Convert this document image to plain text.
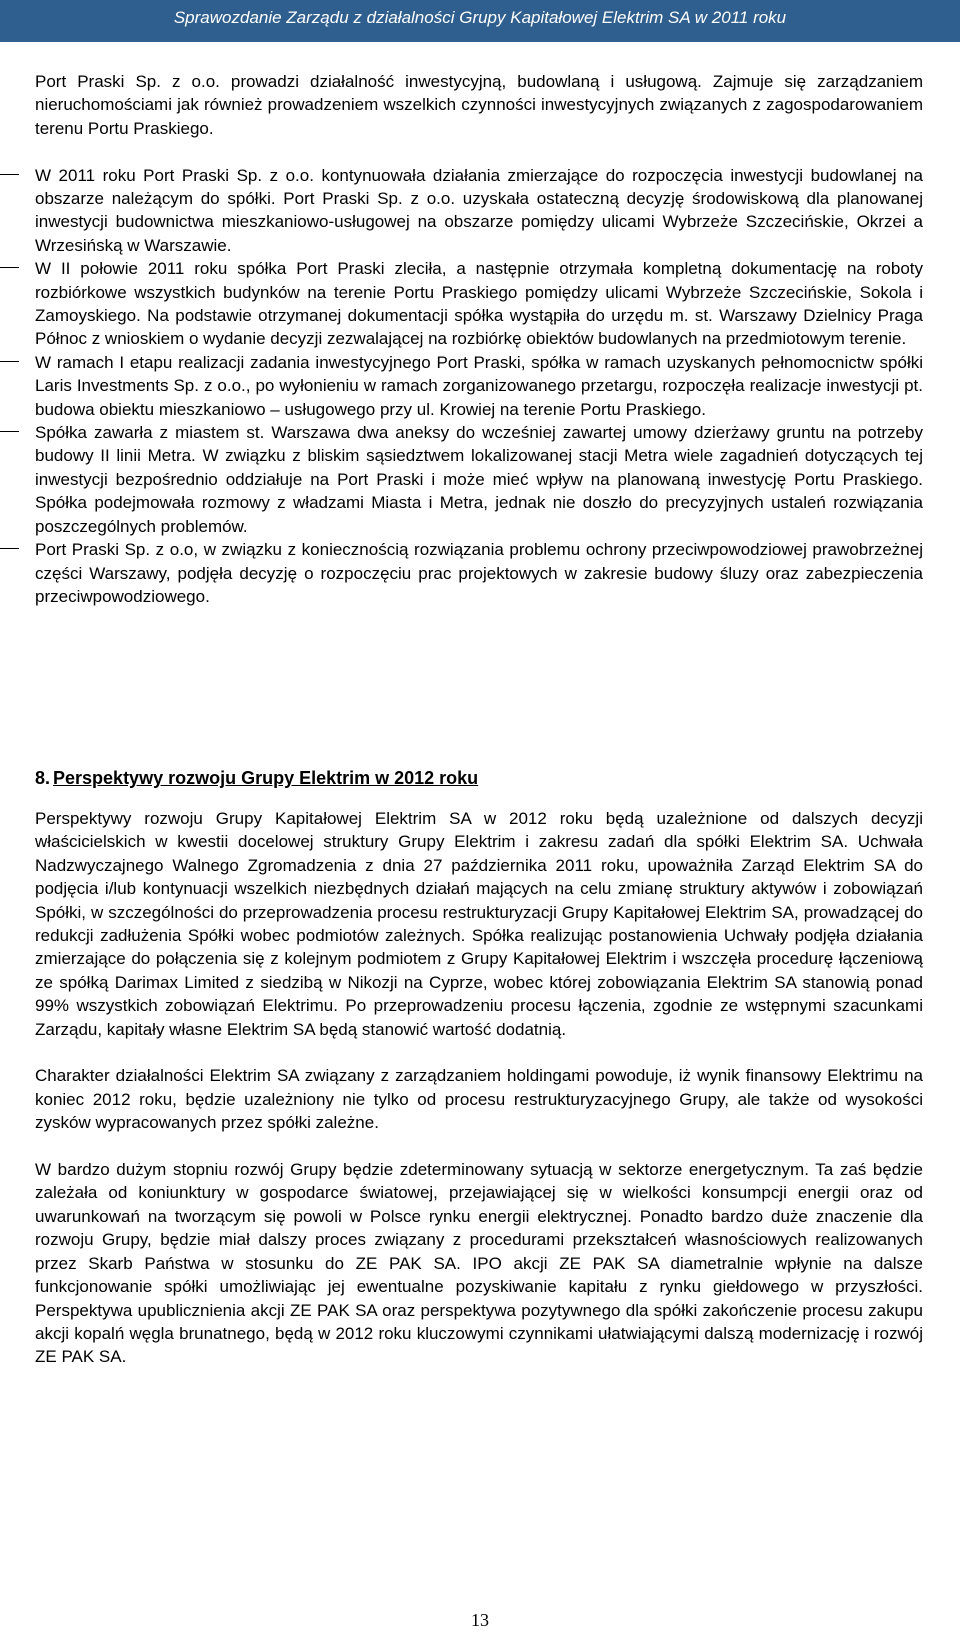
Sprawozdanie Zarządu z działalności Grupy Kapitałowej Elektrim SA w 2011 roku

Port Praski Sp. z o.o. prowadzi działalność inwestycyjną, budowlaną i usługową. Zajmuje się zarządzaniem nieruchomościami jak również prowadzeniem wszelkich czynności inwestycyjnych związanych z zagospodarowaniem terenu Portu Praskiego.

W 2011 roku Port Praski Sp. z o.o. kontynuowała działania zmierzające do rozpoczęcia inwestycji budowlanej na obszarze należącym do spółki. Port Praski Sp. z o.o. uzyskała ostateczną decyzję środowiskową dla planowanej inwestycji budownictwa mieszkaniowo-usługowej na obszarze pomiędzy ulicami Wybrzeże Szczecińskie, Okrzei a Wrzesińską w Warszawie.
W II połowie 2011 roku spółka Port Praski zleciła, a następnie otrzymała kompletną dokumentację na roboty rozbiórkowe wszystkich budynków na terenie Portu Praskiego pomiędzy ulicami Wybrzeże Szczecińskie, Sokola i Zamoyskiego. Na podstawie otrzymanej dokumentacji spółka wystąpiła do urzędu m. st. Warszawy Dzielnicy Praga Północ z wnioskiem o wydanie decyzji zezwalającej na rozbiórkę obiektów budowlanych na przedmiotowym terenie.
W ramach I etapu realizacji zadania inwestycyjnego Port Praski, spółka w ramach uzyskanych pełnomocnictw spółki Laris Investments Sp. z o.o., po wyłonieniu w ramach zorganizowanego przetargu, rozpoczęła realizacje inwestycji pt. budowa obiektu mieszkaniowo – usługowego przy ul. Krowiej na terenie Portu Praskiego.
Spółka zawarła z miastem st. Warszawa dwa aneksy do wcześniej zawartej umowy dzierżawy gruntu na potrzeby budowy II linii Metra. W związku z bliskim sąsiedztwem lokalizowanej stacji Metra wiele zagadnień dotyczących tej inwestycji bezpośrednio oddziałuje na Port Praski i może mieć wpływ na planowaną inwestycję Portu Praskiego. Spółka podejmowała rozmowy z władzami Miasta i Metra, jednak nie doszło do precyzyjnych ustaleń rozwiązania poszczególnych problemów.
Port Praski Sp. z o.o, w związku z koniecznością rozwiązania problemu ochrony przeciwpowodziowej prawobrzeżnej części Warszawy, podjęła decyzję o rozpoczęciu prac projektowych w zakresie budowy śluzy oraz zabezpieczenia przeciwpowodziowego.
8. Perspektywy rozwoju Grupy Elektrim w 2012 roku

Perspektywy rozwoju Grupy Kapitałowej Elektrim SA w 2012 roku będą uzależnione od dalszych decyzji właścicielskich w kwestii docelowej struktury Grupy Elektrim i zakresu zadań dla spółki Elektrim SA. Uchwała Nadzwyczajnego Walnego Zgromadzenia z dnia 27 października 2011 roku, upoważniła Zarząd Elektrim SA do podjęcia i/lub kontynuacji wszelkich niezbędnych działań mających na celu zmianę struktury aktywów i zobowiązań Spółki, w szczególności do przeprowadzenia procesu restrukturyzacji Grupy Kapitałowej Elektrim SA, prowadzącej do redukcji zadłużenia Spółki wobec podmiotów zależnych. Spółka realizując postanowienia Uchwały podjęła działania zmierzające do połączenia się z kolejnym podmiotem z Grupy Kapitałowej Elektrim i wszczęła procedurę łączeniową ze spółką Darimax Limited z siedzibą w Nikozji na Cyprze, wobec której zobowiązania Elektrim SA stanowią ponad 99% wszystkich zobowiązań Elektrimu. Po przeprowadzeniu procesu łączenia, zgodnie ze wstępnymi szacunkami Zarządu, kapitały własne Elektrim SA będą stanowić wartość dodatnią.

Charakter działalności Elektrim SA związany z zarządzaniem holdingami powoduje, iż wynik finansowy Elektrimu na koniec 2012 roku, będzie uzależniony nie tylko od procesu restrukturyzacyjnego Grupy, ale także od wysokości zysków wypracowanych przez spółki zależne.

W bardzo dużym stopniu rozwój Grupy będzie zdeterminowany sytuacją w sektorze energetycznym. Ta zaś będzie zależała od koniunktury w gospodarce światowej, przejawiającej się w wielkości konsumpcji energii oraz od uwarunkowań na tworzącym się powoli w Polsce rynku energii elektrycznej. Ponadto bardzo duże znaczenie dla rozwoju Grupy, będzie miał dalszy proces związany z procedurami przekształceń własnościowych realizowanych przez Skarb Państwa w stosunku do ZE PAK SA. IPO akcji ZE PAK SA diametralnie wpłynie na dalsze funkcjonowanie spółki umożliwiając jej ewentualne pozyskiwanie kapitału z rynku giełdowego w przyszłości. Perspektywa upublicznienia akcji ZE PAK SA oraz perspektywa pozytywnego dla spółki zakończenie procesu zakupu akcji kopalń węgla brunatnego, będą w 2012 roku kluczowymi czynnikami ułatwiającymi dalszą modernizację i rozwój ZE PAK SA.

13
